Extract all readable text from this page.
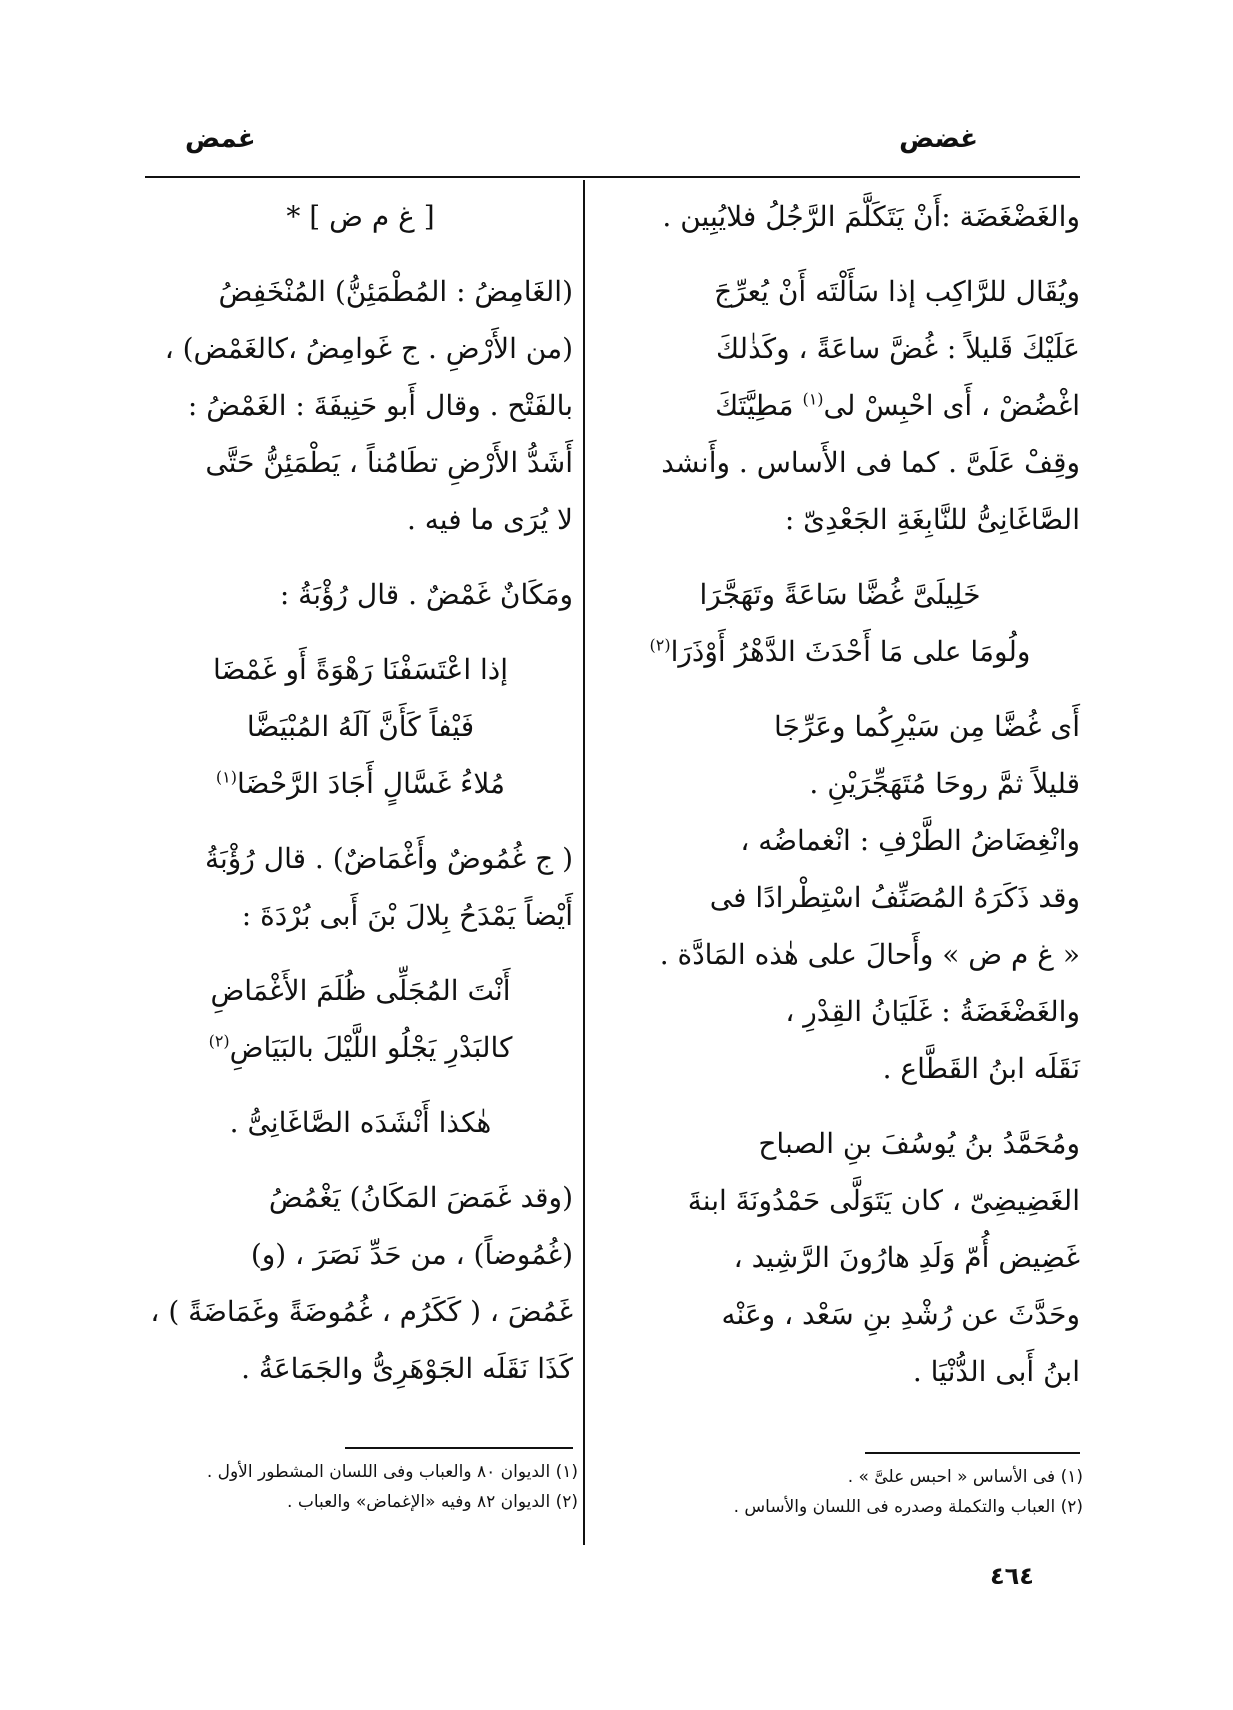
غضض
غمض

والغَضْغَضَة :أَنْ يَتَكَلَّمَ الرَّجُلُ فلايُبِين .

ويُقَال للرَّاكِب إذا سَأَلْتَه أَنْ يُعرِّجَ

عَلَيْكَ قَليلاً : غُضَّ ساعَةً ، وكَذٰلكَ

اغْضُضْ ، أَى احْبِسْ لى$^{(١)}$ مَطِيَّتَكَ

وقِفْ عَلَىَّ . كما فى الأَساس . وأَنشد

الصَّاغَانِىُّ للنَّابِغَةِ الجَعْدِىّ :

خَلِيلَىَّ غُضَّا سَاعَةً وتَهَجَّرَا

ولُومَا على مَا أَحْدَثَ الدَّهْرُ أَوْذَرَا$^{(٢)}$

أَى غُضَّا مِن سَيْرِكُما وعَرِّجَا

قليلاً ثمَّ روحَا مُتَهَجِّرَيْنِ .

وانْغِضَاضُ الطَّرْفِ : انْغماضُه ،

وقد ذَكَرَهُ المُصَنِّفُ اسْتِطْرادًا فى

« غ م ض » وأَحالَ على هٰذه المَادَّة .

والغَضْغَضَةُ : غَلَيَانُ القِدْرِ ،

نَقَلَه ابنُ القَطَّاع .

ومُحَمَّدُ بنُ يُوسُفَ بنِ الصباح

الغَضِيضِىّ ، كان يَتَوَلَّى حَمْدُونَةَ ابنةَ

غَضِيض أُمّ وَلَدِ هارُونَ الرَّشِيد ،

وحَدَّثَ عن رُشْدِ بنِ سَعْد ، وعَنْه

ابنُ أَبى الدُّنْيَا .

[ غ م ض ] *

(الغَامِضُ : المُطْمَئِنُّ) المُنْخَفِضُ

(من الأَرْضِ . ج غَوامِضُ ،كالغَمْض) ،

بالفَتْح . وقال أَبو حَنِيفَةَ : الغَمْضُ :

أَشَدُّ الأَرْضِ تطَامُناً ، يَطْمَئِنُّ حَتَّى

لا يُرَى ما فيه .

ومَكَانٌ غَمْضٌ . قال رُؤْبَةُ :

إذا اعْتَسَفْنَا رَهْوَةً أَو غَمْضَا

فَيْفاً كَأَنَّ آلَهُ المُبْيَضَّا

مُلاءُ غَسَّالٍ أَجَادَ الرَّحْضَا$^{(١)}$

( ج غُمُوضٌ وأَغْمَاضٌ) . قال رُؤْبَةُ

أَيْضاً يَمْدَحُ بِلالَ بْنَ أَبى بُرْدَةَ :

أَنْتَ المُجَلِّى ظُلَمَ الأَغْمَاضِ

كالبَدْرِ يَجْلُو اللَّيْلَ بالبَيَاضِ$^{(٢)}$

هٰكذا أَنْشَدَه الصَّاغَانِىُّ .

(وقد غَمَضَ المَكَانُ) يَغْمُضُ

(غُمُوضاً) ، من حَدِّ نَصَرَ ، (و)

غَمُضَ ، ( كَكَرُم ، غُمُوضَةً وغَمَاضَةً ) ،

كَذَا نَقَلَه الجَوْهَرِىُّ والجَمَاعَةُ .

(١) فى الأساس « احبس علىَّ » .

(٢) العباب والتكملة وصدره فى اللسان والأساس .

(١) الديوان ٨٠ والعباب وفى اللسان المشطور الأول .

(٢) الديوان ٨٢ وفيه «الإغماض» والعباب .

٤٦٤
